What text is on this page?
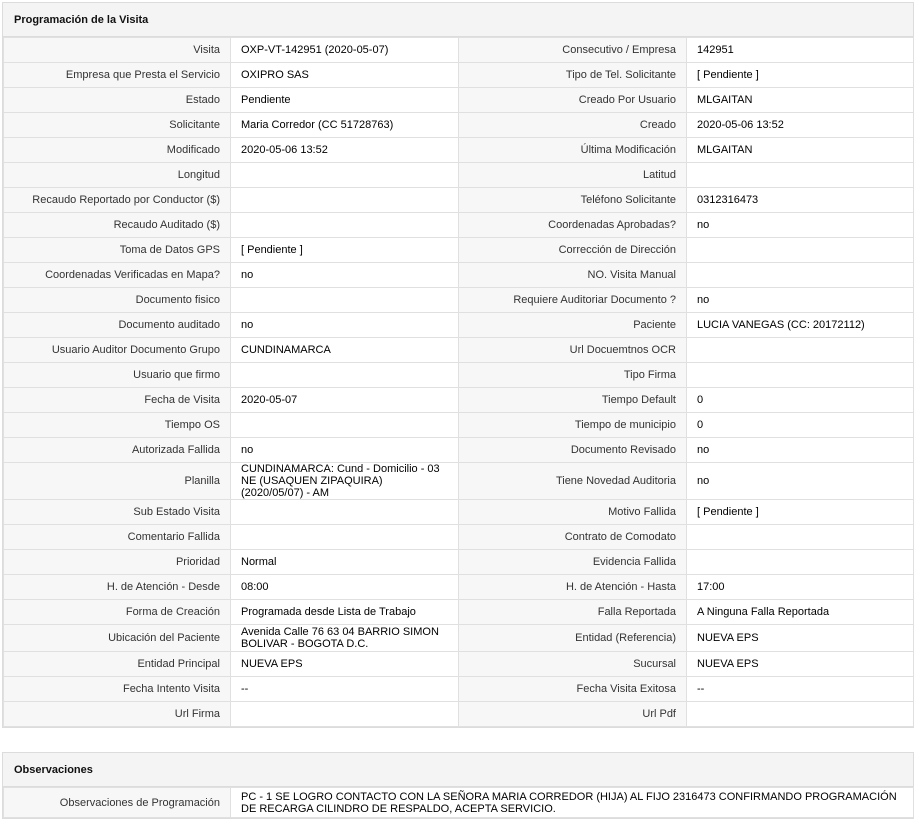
Programación de la Visita
Visita	OXP-VT-142951 (2020-05-07)	Consecutivo / Empresa	142951
Empresa que Presta el Servicio	OXIPRO SAS	Tipo de Tel. Solicitante	[ Pendiente ]
Estado	Pendiente	Creado Por Usuario	MLGAITAN
Solicitante	Maria Corredor (CC 51728763)	Creado	2020-05-06 13:52
Modificado	2020-05-06 13:52	Última Modificación	MLGAITAN
Longitud		Latitud	
Recaudo Reportado por Conductor ($)		Teléfono Solicitante	0312316473
Recaudo Auditado ($)		Coordenadas Aprobadas?	no
Toma de Datos GPS	[ Pendiente ]	Corrección de Dirección	
Coordenadas Verificadas en Mapa?	no	NO. Visita Manual	
Documento fisico		Requiere Auditoriar Documento ?	no
Documento auditado	no	Paciente	LUCIA VANEGAS (CC: 20172112)
Usuario Auditor Documento Grupo	CUNDINAMARCA	Url Docuemtnos OCR	
Usuario que firmo		Tipo Firma	
Fecha de Visita	2020-05-07	Tiempo Default	0
Tiempo OS		Tiempo de municipio	0
Autorizada Fallida	no	Documento Revisado	no
Planilla	CUNDINAMARCA: Cund - Domicilio - 03 NE (USAQUEN ZIPAQUIRA) (2020/05/07) - AM	Tiene Novedad Auditoria	no
Sub Estado Visita		Motivo Fallida	[ Pendiente ]
Comentario Fallida		Contrato de Comodato	
Prioridad	Normal	Evidencia Fallida	
H. de Atención - Desde	08:00	H. de Atención - Hasta	17:00
Forma de Creación	Programada desde Lista de Trabajo	Falla Reportada	A Ninguna Falla Reportada
Ubicación del Paciente	Avenida Calle 76 63 04 BARRIO SIMON BOLIVAR - BOGOTA D.C.	Entidad (Referencia)	NUEVA EPS
Entidad Principal	NUEVA EPS	Sucursal	NUEVA EPS
Fecha Intento Visita	--	Fecha Visita Exitosa	--
Url Firma		Url Pdf	
Observaciones
Observaciones de Programación	PC - 1 SE LOGRO CONTACTO CON LA SEÑORA MARIA CORREDOR (HIJA) AL FIJO 2316473 CONFIRMANDO PROGRAMACIÓN DE RECARGA CILINDRO DE RESPALDO, ACEPTA SERVICIO.
